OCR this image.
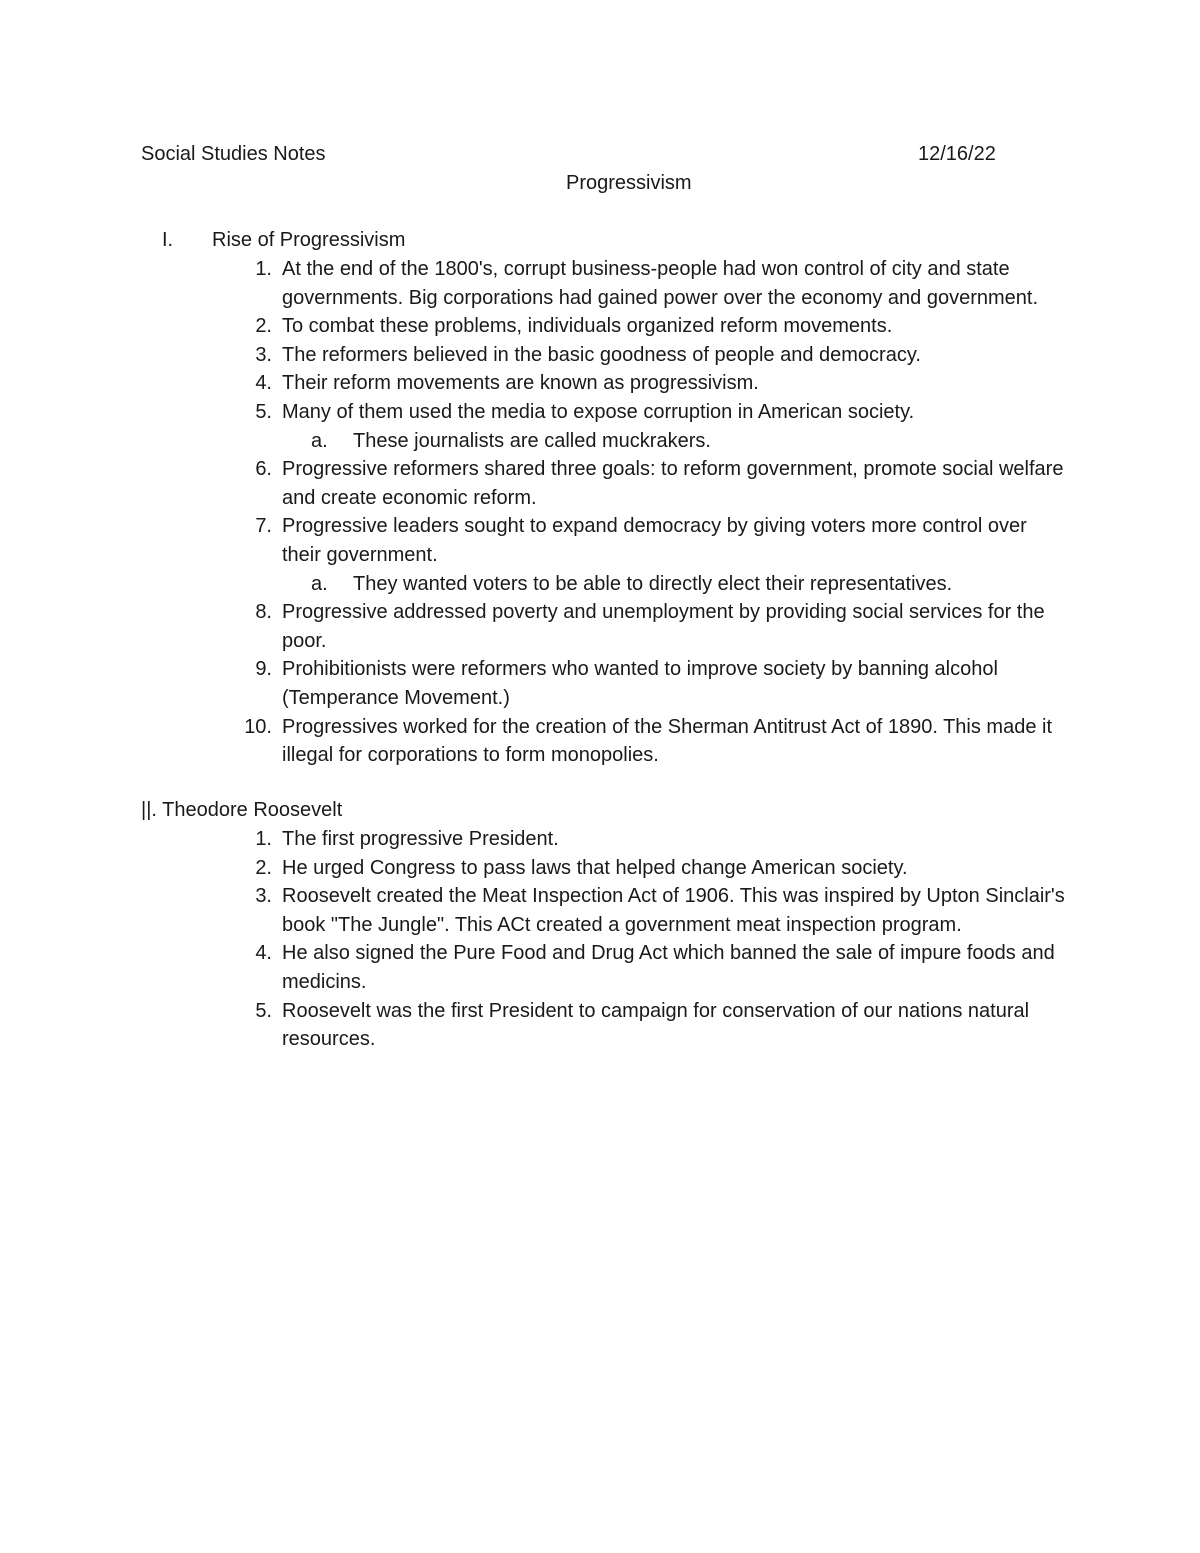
Social Studies Notes	12/16/22
Progressivism
I. Rise of Progressivism
1. At the end of the 1800's, corrupt business-people had won control of city and state governments. Big corporations had gained power over the economy and government.
2. To combat these problems, individuals organized reform movements.
3. The reformers believed in the basic goodness of people and democracy.
4. Their reform movements are known as progressivism.
5. Many of them used the media to expose corruption in American society.
a. These journalists are called muckrakers.
6. Progressive reformers shared three goals: to reform government, promote social welfare and create economic reform.
7. Progressive leaders sought to expand democracy by giving voters more control over their government.
a. They wanted voters to be able to directly elect their representatives.
8. Progressive addressed poverty and unemployment by providing social services for the poor.
9. Prohibitionists were reformers who wanted to improve society by banning alcohol (Temperance Movement.)
10. Progressives worked for the creation of the Sherman Antitrust Act of 1890. This made it illegal for corporations to form monopolies.
||. Theodore Roosevelt
1. The first progressive President.
2. He urged Congress to pass laws that helped change American society.
3. Roosevelt created the Meat Inspection Act of 1906. This was inspired by Upton Sinclair's book "The Jungle". This ACt created a government meat inspection program.
4. He also signed the Pure Food and Drug Act which banned the sale of impure foods and medicins.
5. Roosevelt was the first President to campaign for conservation of our nations natural resources.
